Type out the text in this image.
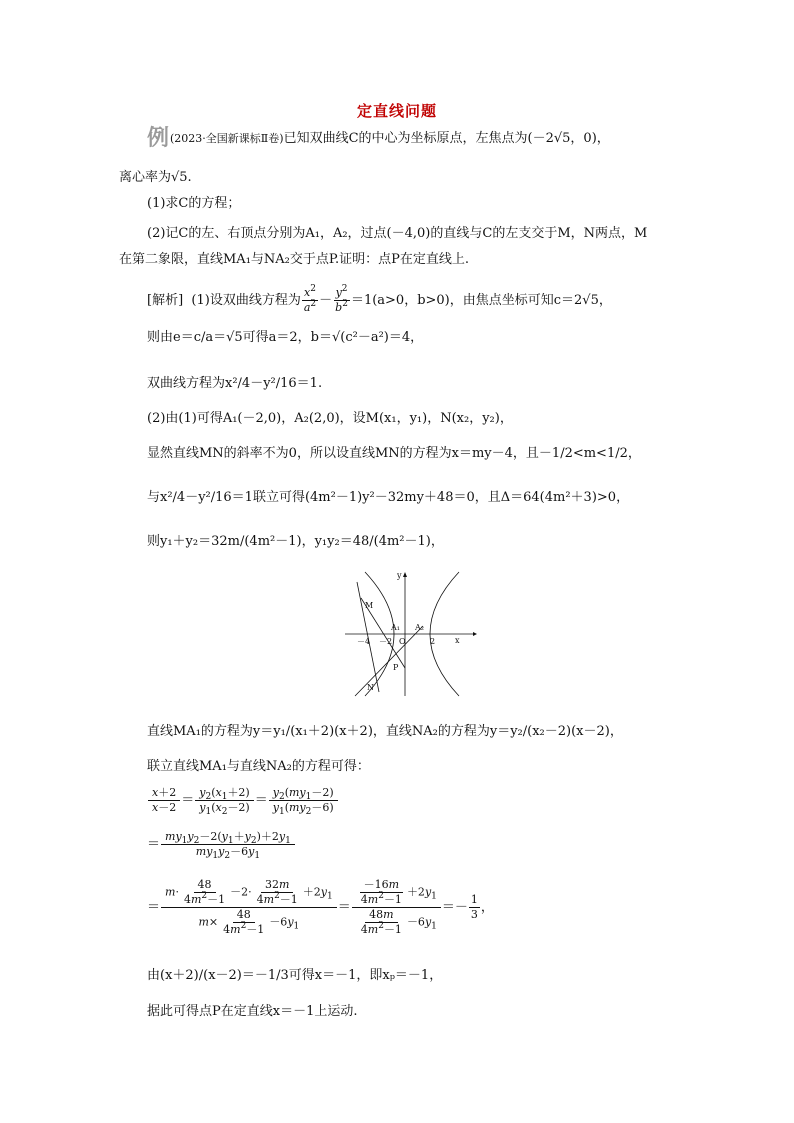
定直线问题
例(2023·全国新课标Ⅱ卷)已知双曲线C的中心为坐标原点，左焦点为(－2√5，0)，
离心率为√5.
(1)求C的方程；
(2)记C的左、右顶点分别为A₁，A₂，过点(－4,0)的直线与C的左支交于M，N两点，M
在第二象限，直线MA₁与NA₂交于点P.证明：点P在定直线上.
[解析] (1)设双曲线方程为 $\frac{x^2}{a^2} - \frac{y^2}{b^2} =1(a>0$，b>0)，由焦点坐标可知c＝2√5，
则由e＝c/a＝√5可得a＝2，b＝√(c²－a²)＝4，
双曲线方程为x²/4－y²/16＝1.
(2)由(1)可得A₁(－2,0)，A₂(2,0)，设M(x₁，y₁)，N(x₂，y₂)，
显然直线MN的斜率不为0，所以设直线MN的方程为x＝my－4，且－1/2<m<1/2，
与x²/4－y²/16＝1联立可得(4m²－1)y²－32my＋48＝0，且Δ＝64(4m²＋3)>0，
则y₁＋y₂＝32m/(4m²－1)，y₁y₂＝48/(4m²－1)，
x
y
O
－4 －2	2
M
N
P
A₁ A₂
直线MA₁的方程为y＝y₁/(x₁＋2)(x＋2)，直线NA₂的方程为y＝y₂/(x₂－2)(x－2)，
联立直线MA₁与直线NA₂的方程可得：
$\frac{x+2}{x-2} = \frac{y_2(x_1+2)}{y_1(x_2-2)} = \frac{y_2(my_1-2)}{y_1(my_2-6)}$
＝ $\frac{my_1y_2-2(y_1+y_2)+2y_1}{my_1y_2-6y_1}$
＝ $\frac{m\cdot \frac{48}{4m^2-1} -2\cdot \frac{32m}{4m^2-1} +2y_1}{m\times \frac{48}{4m^2-1} -6y_1} = \frac{\frac{-16m}{4m^2-1} +2y_1}{\frac{48m}{4m^2-1} -6y_1} =- \frac{1}{3}$ ，
由(x＋2)/(x－2)＝－1/3可得x＝－1，即xₚ＝－1，
据此可得点P在定直线x＝－1上运动.
